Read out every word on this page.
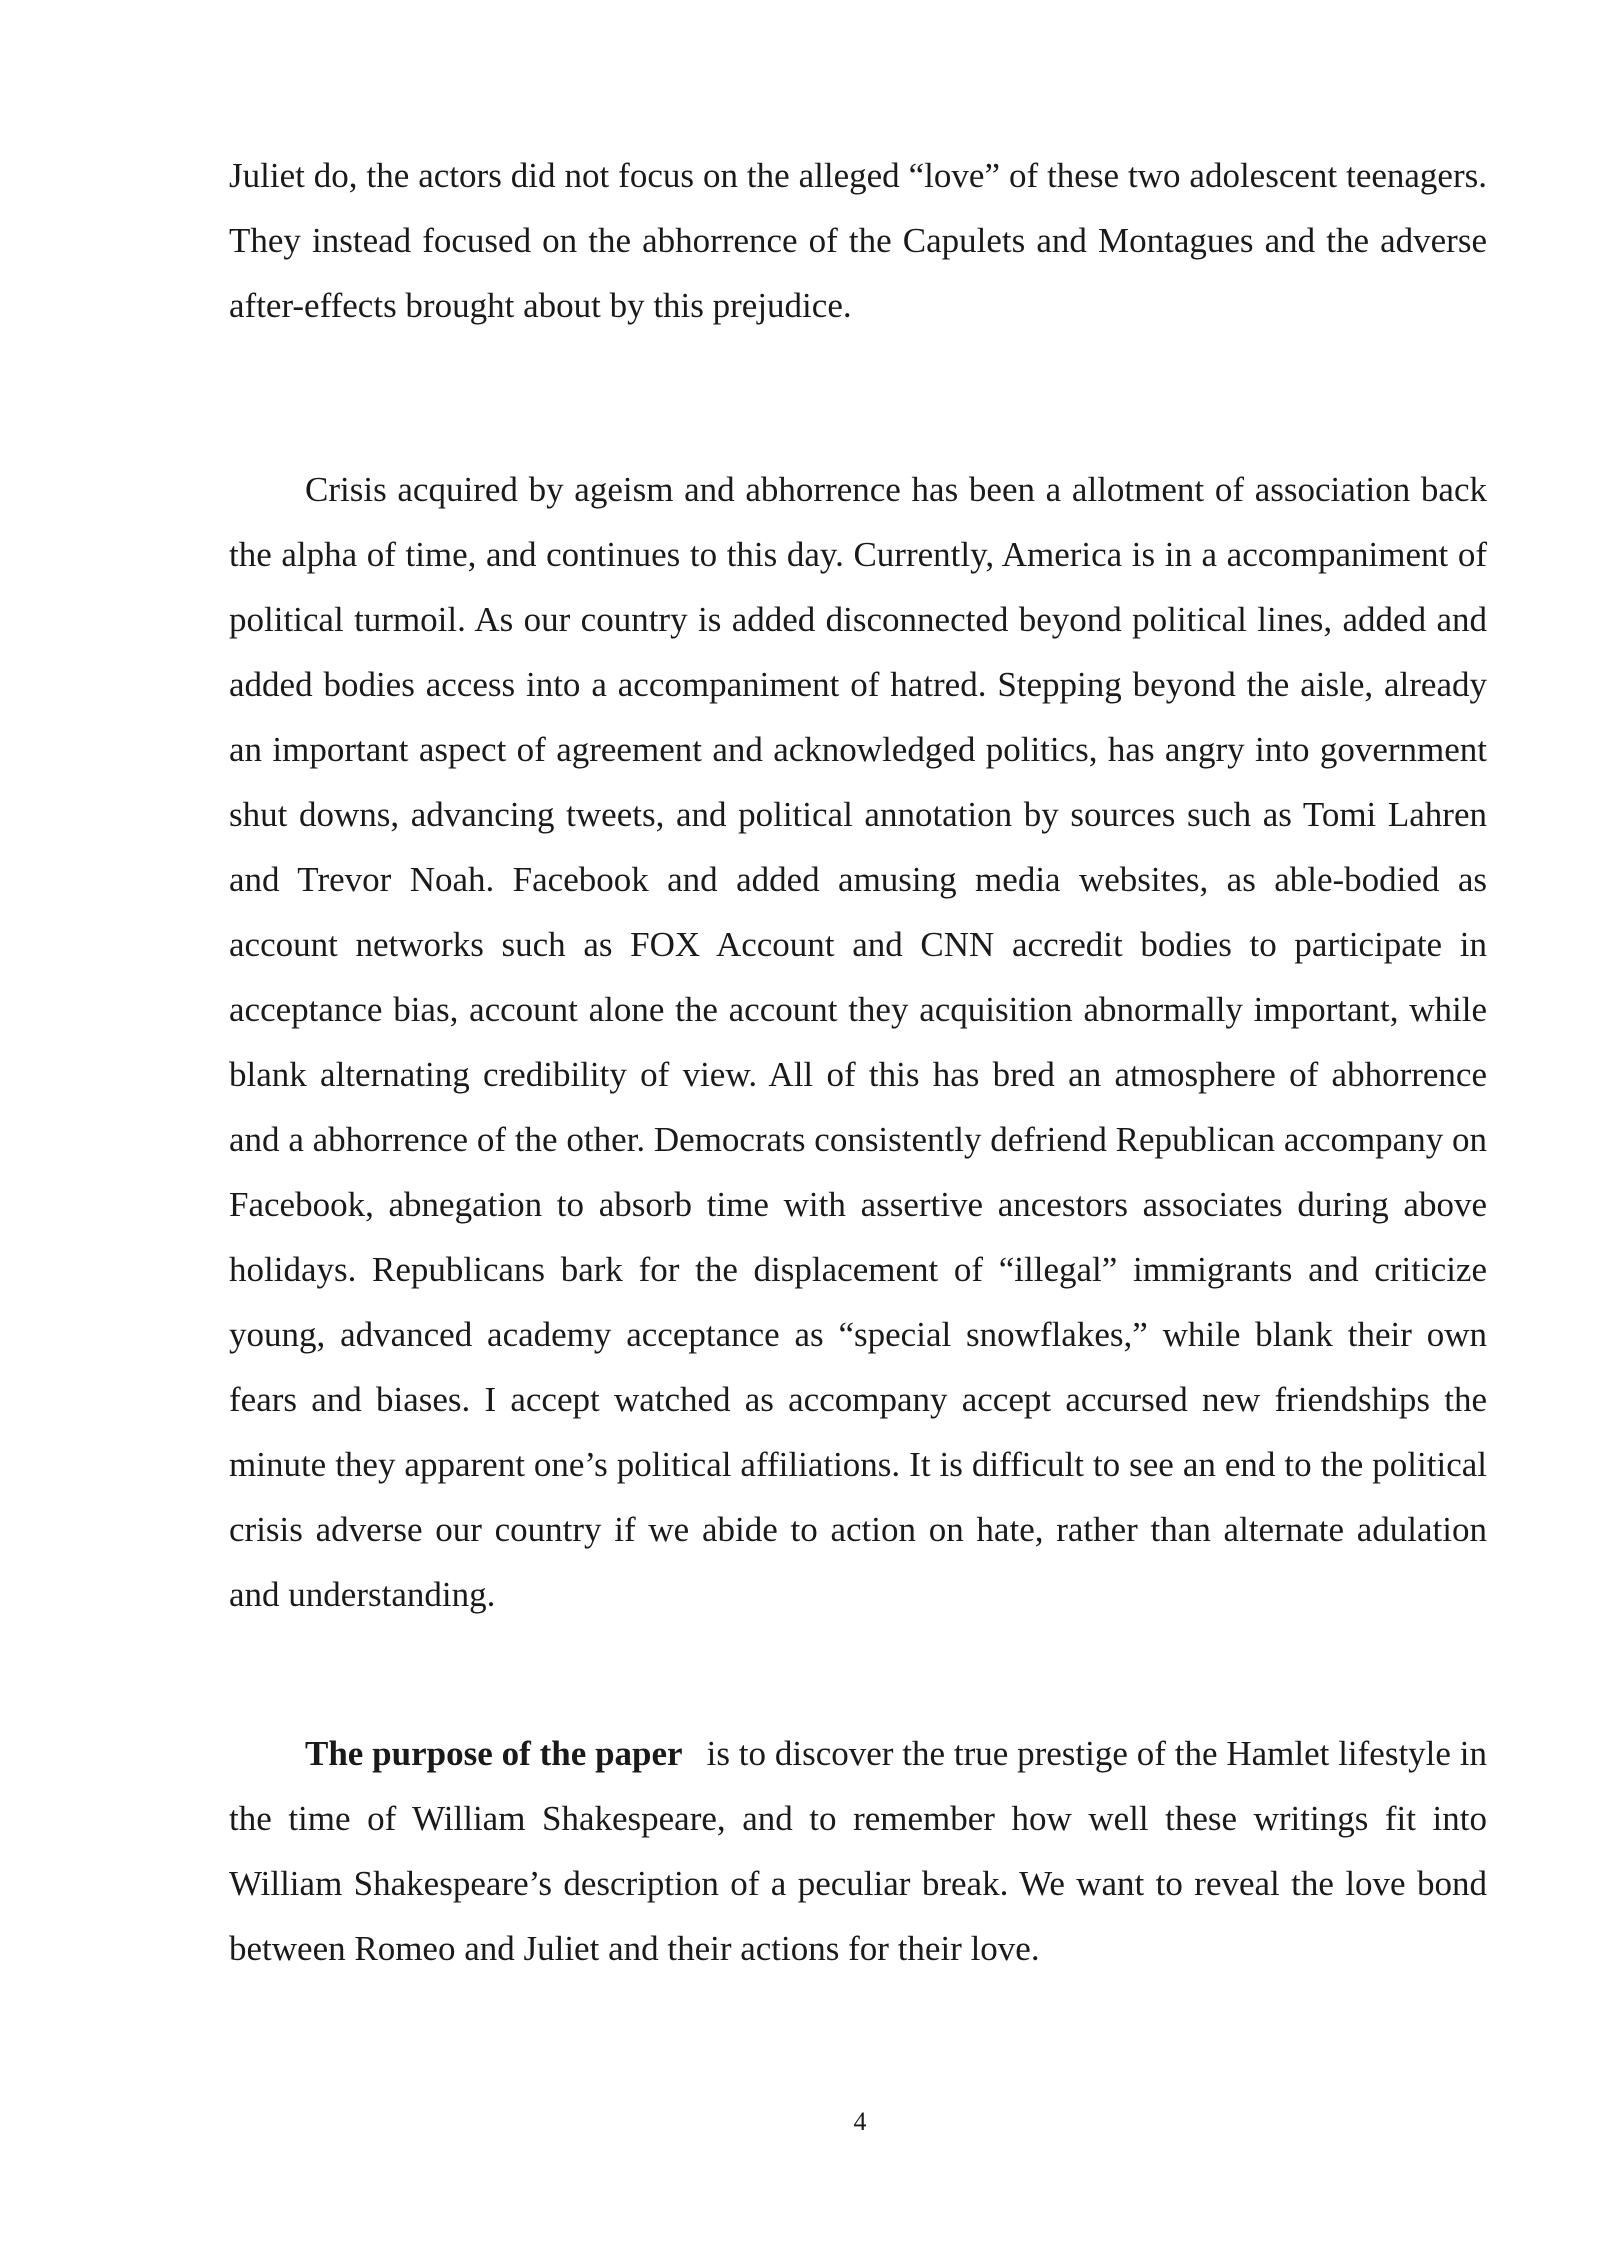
Juliet do, the actors did not focus on the alleged “love” of these two adolescent teenagers. They instead focused on the abhorrence of the Capulets and Montagues and the adverse after-effects brought about by this prejudice.

Crisis acquired by ageism and abhorrence has been a allotment of association back the alpha of time, and continues to this day. Currently, America is in a accompaniment of political turmoil. As our country is added disconnected beyond political lines, added and added bodies access into a accompaniment of hatred. Stepping beyond the aisle, already an important aspect of agreement and acknowledged politics, has angry into government shut downs, advancing tweets, and political annotation by sources such as Tomi Lahren and Trevor Noah. Facebook and added amusing media websites, as able-bodied as account networks such as FOX Account and CNN accredit bodies to participate in acceptance bias, account alone the account they acquisition abnormally important, while blank alternating credibility of view. All of this has bred an atmosphere of abhorrence and a abhorrence of the other. Democrats consistently defriend Republican accompany on Facebook, abnegation to absorb time with assertive ancestors associates during above holidays. Republicans bark for the displacement of “illegal” immigrants and criticize young, advanced academy acceptance as “special snowflakes,” while blank their own fears and biases. I accept watched as accompany accept accursed new friendships the minute they apparent one’s political affiliations. It is difficult to see an end to the political crisis adverse our country if we abide to action on hate, rather than alternate adulation and understanding.

The purpose of the paper is to discover the true prestige of the Hamlet lifestyle in the time of William Shakespeare, and to remember how well these writings fit into William Shakespeare’s description of a peculiar break. We want to reveal the love bond between Romeo and Juliet and their actions for their love.

4
